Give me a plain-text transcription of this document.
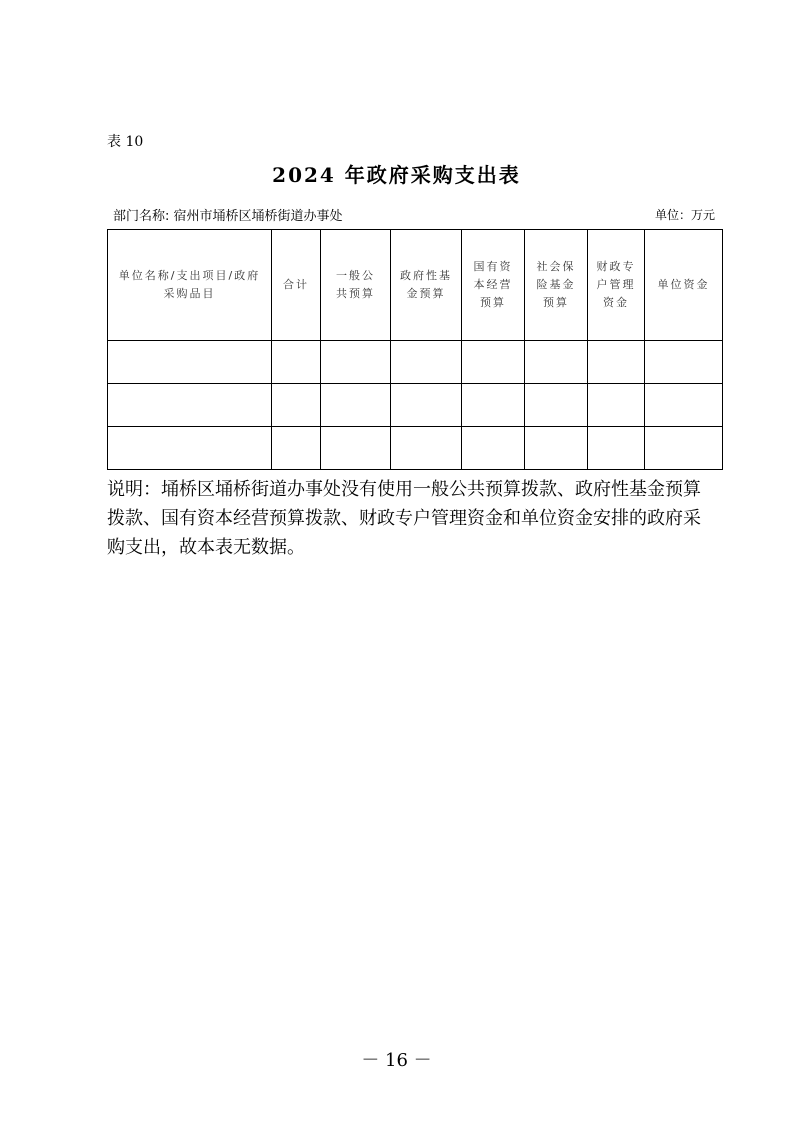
表 10
2024 年政府采购支出表
部门名称: 宿州市埇桥区埇桥街道办事处	单位：万元
单位名称/支出项目/政府采购品目	合计	一般公共预算	政府性基金预算	国有资本经营预算	社会保险基金预算	财政专户管理资金	单位资金

说明：埇桥区埇桥街道办事处没有使用一般公共预算拨款、政府性基金预算拨款、国有资本经营预算拨款、财政专户管理资金和单位资金安排的政府采购支出，故本表无数据。
－ 16 －
